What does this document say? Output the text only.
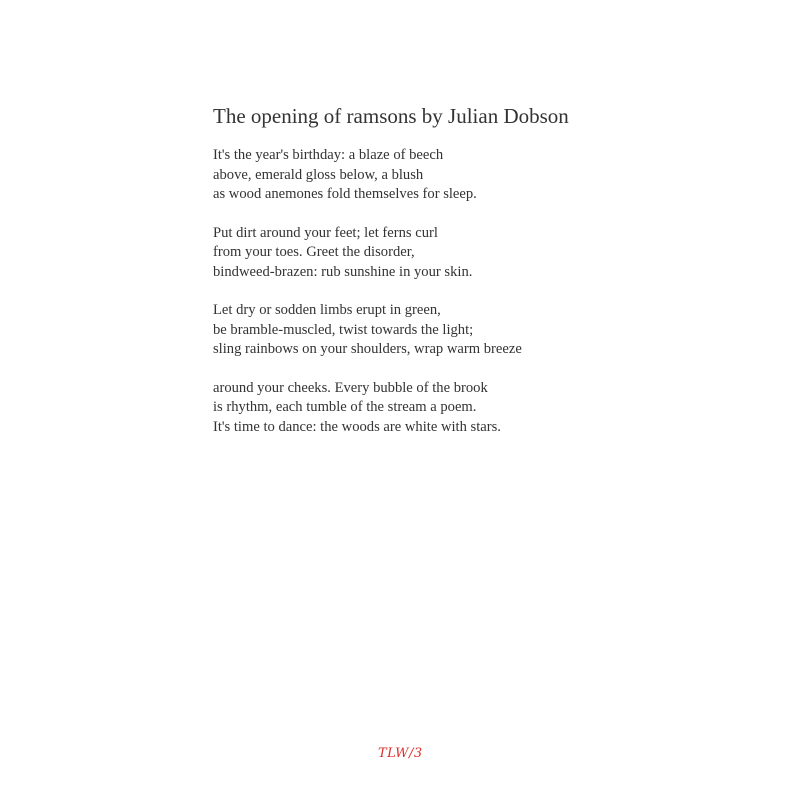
The opening of ramsons by Julian Dobson
It's the year's birthday: a blaze of beech
above, emerald gloss below, a blush
as wood anemones fold themselves for sleep.
Put dirt around your feet; let ferns curl
from your toes. Greet the disorder,
bindweed-brazen: rub sunshine in your skin.
Let dry or sodden limbs erupt in green,
be bramble-muscled, twist towards the light;
sling rainbows on your shoulders, wrap warm breeze
around your cheeks. Every bubble of the brook
is rhythm, each tumble of the stream a poem.
It's time to dance: the woods are white with stars.
TLW/3
